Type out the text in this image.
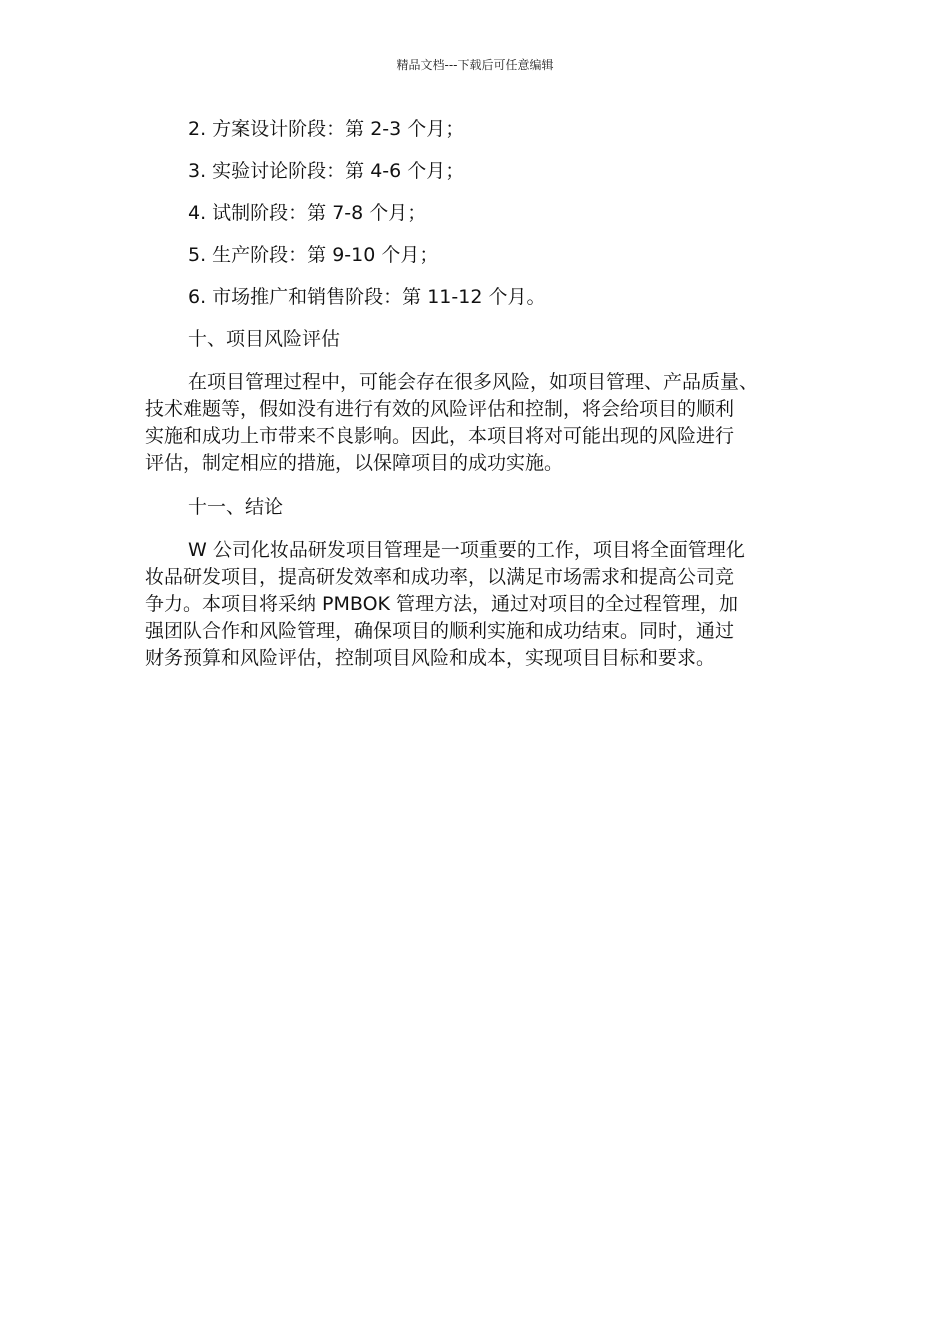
精品文档---下载后可任意编辑

2. 方案设计阶段：第 2-3 个月；

3. 实验讨论阶段：第 4-6 个月；

4. 试制阶段：第 7-8 个月；

5. 生产阶段：第 9-10 个月；

6. 市场推广和销售阶段：第 11-12 个月。

十、项目风险评估

在项目管理过程中，可能会存在很多风险，如项目管理、产品质量、

技术难题等，假如没有进行有效的风险评估和控制，将会给项目的顺利

实施和成功上市带来不良影响。因此，本项目将对可能出现的风险进行

评估，制定相应的措施，以保障项目的成功实施。

十一、结论

W 公司化妆品研发项目管理是一项重要的工作，项目将全面管理化

妆品研发项目，提高研发效率和成功率，以满足市场需求和提高公司竞

争力。本项目将采纳 PMBOK 管理方法，通过对项目的全过程管理，加

强团队合作和风险管理，确保项目的顺利实施和成功结束。同时，通过

财务预算和风险评估，控制项目风险和成本，实现项目目标和要求。
